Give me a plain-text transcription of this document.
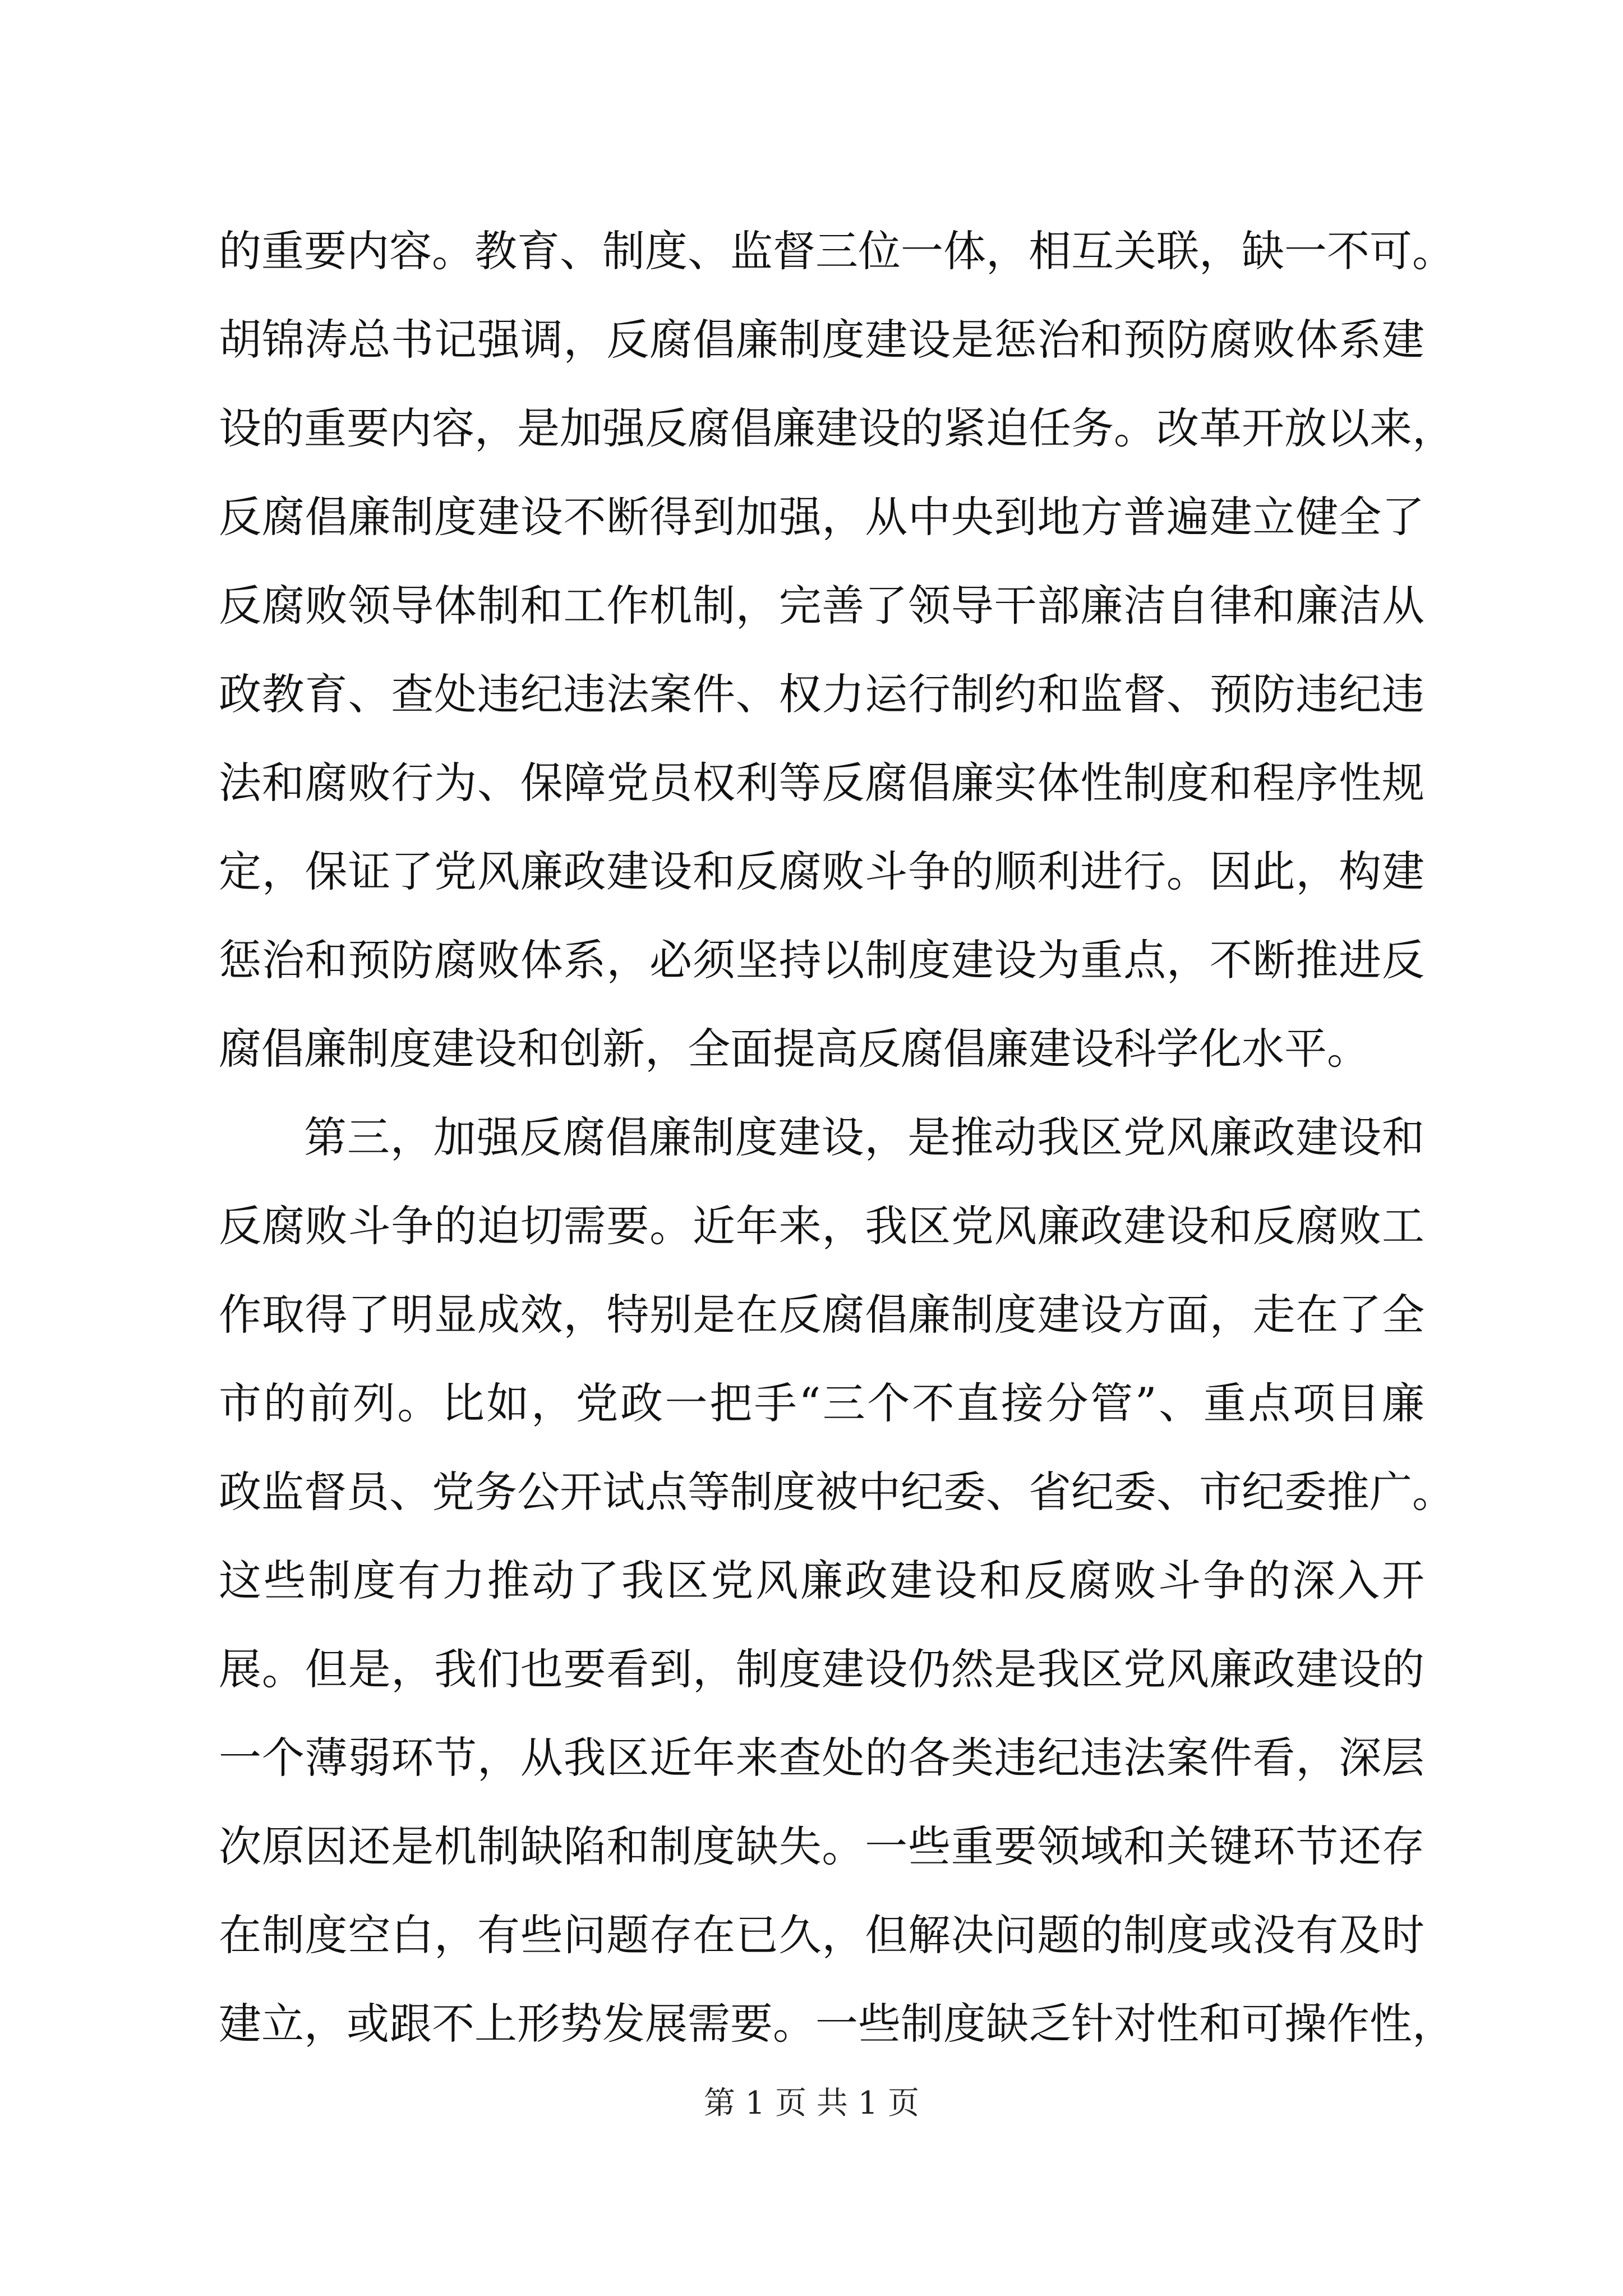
的重要内容。教育、制度、监督三位一体，相互关联，缺一不可。
胡锦涛总书记强调，反腐倡廉制度建设是惩治和预防腐败体系建
设的重要内容，是加强反腐倡廉建设的紧迫任务。改革开放以来，
反腐倡廉制度建设不断得到加强，从中央到地方普遍建立健全了
反腐败领导体制和工作机制，完善了领导干部廉洁自律和廉洁从
政教育、查处违纪违法案件、权力运行制约和监督、预防违纪违
法和腐败行为、保障党员权利等反腐倡廉实体性制度和程序性规
定，保证了党风廉政建设和反腐败斗争的顺利进行。因此，构建
惩治和预防腐败体系，必须坚持以制度建设为重点，不断推进反
腐倡廉制度建设和创新，全面提高反腐倡廉建设科学化水平。
第三，加强反腐倡廉制度建设，是推动我区党风廉政建设和
反腐败斗争的迫切需要。近年来，我区党风廉政建设和反腐败工
作取得了明显成效，特别是在反腐倡廉制度建设方面，走在了全
市的前列。比如，党政一把手“三个不直接分管”、重点项目廉
政监督员、党务公开试点等制度被中纪委、省纪委、市纪委推广。
这些制度有力推动了我区党风廉政建设和反腐败斗争的深入开
展。但是，我们也要看到，制度建设仍然是我区党风廉政建设的
一个薄弱环节，从我区近年来查处的各类违纪违法案件看，深层
次原因还是机制缺陷和制度缺失。一些重要领域和关键环节还存
在制度空白，有些问题存在已久，但解决问题的制度或没有及时
建立，或跟不上形势发展需要。一些制度缺乏针对性和可操作性，
第 1 页 共 1 页
